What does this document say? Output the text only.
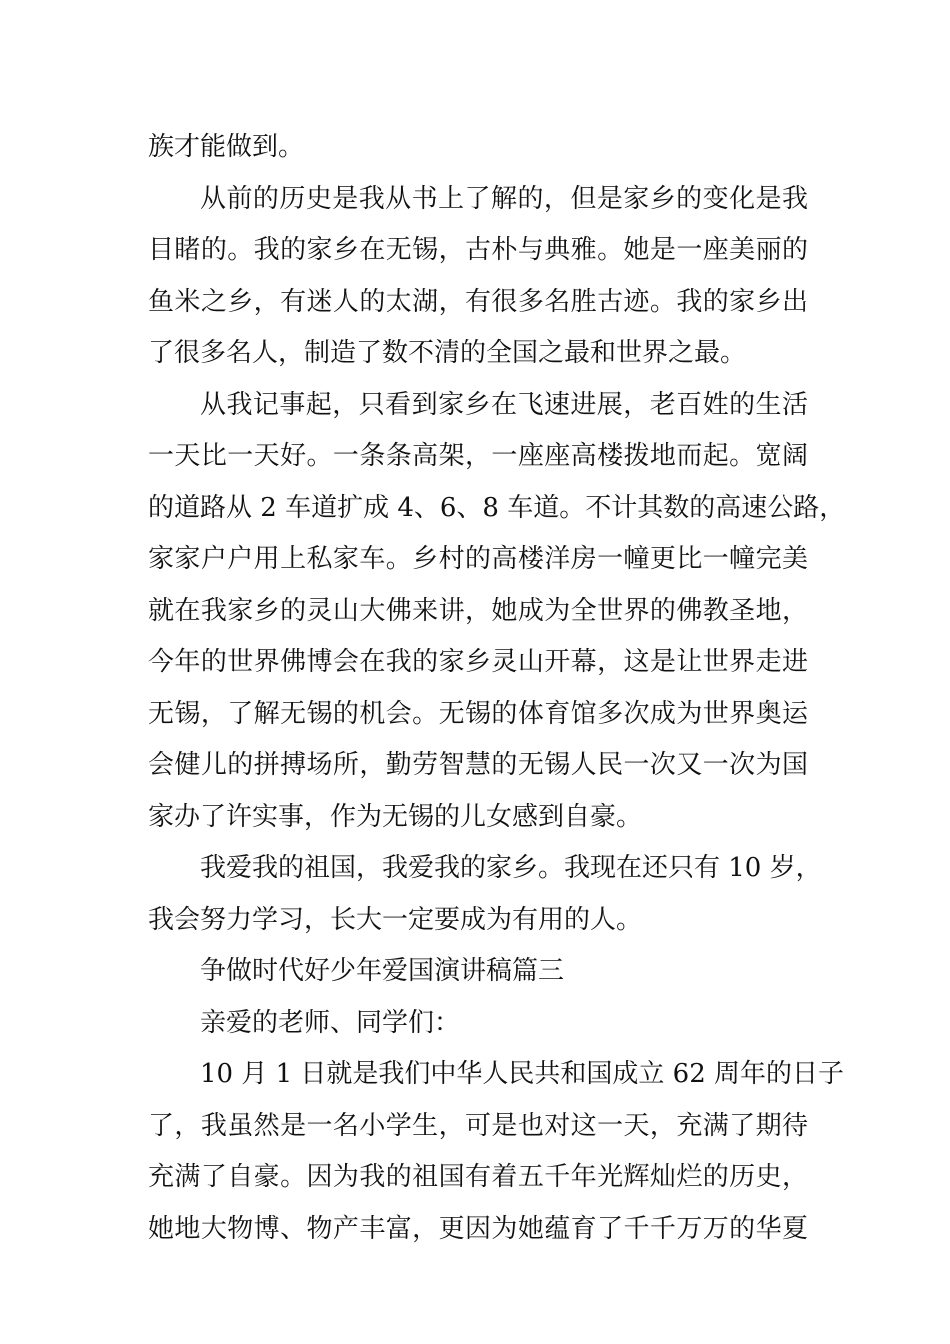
族才能做到。
从前的历史是我从书上了解的，但是家乡的变化是我
目睹的。我的家乡在无锡，古朴与典雅。她是一座美丽的
鱼米之乡，有迷人的太湖，有很多名胜古迹。我的家乡出
了很多名人，制造了数不清的全国之最和世界之最。
从我记事起，只看到家乡在飞速进展，老百姓的生活
一天比一天好。一条条高架，一座座高楼拨地而起。宽阔
的道路从 2 车道扩成 4、6、8 车道。不计其数的高速公路，
家家户户用上私家车。乡村的高楼洋房一幢更比一幢完美
就在我家乡的灵山大佛来讲，她成为全世界的佛教圣地，
今年的世界佛博会在我的家乡灵山开幕，这是让世界走进
无锡，了解无锡的机会。无锡的体育馆多次成为世界奥运
会健儿的拼搏场所，勤劳智慧的无锡人民一次又一次为国
家办了许实事，作为无锡的儿女感到自豪。
我爱我的祖国，我爱我的家乡。我现在还只有 10 岁，
我会努力学习，长大一定要成为有用的人。
争做时代好少年爱国演讲稿篇三
亲爱的老师、同学们：
10 月 1 日就是我们中华人民共和国成立 62 周年的日子
了，我虽然是一名小学生，可是也对这一天，充满了期待
充满了自豪。因为我的祖国有着五千年光辉灿烂的历史，
她地大物博、物产丰富，更因为她蕴育了千千万万的华夏
